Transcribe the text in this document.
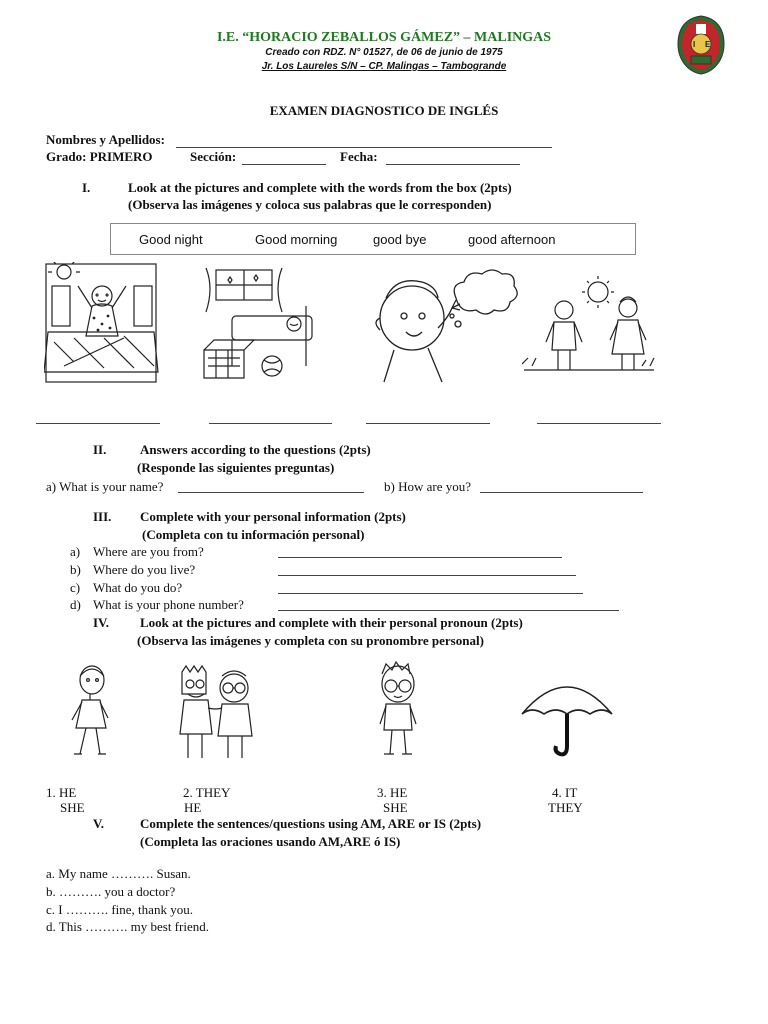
I.E. “HORACIO ZEBALLOS GÁMEZ” – MALINGAS
Creado con RDZ. N° 01527, de 06 de junio de 1975
Jr. Los Laureles S/N – CP. Malingas – Tambogrande
I E
EXAMEN DIAGNOSTICO DE INGLÉS
Nombres y Apellidos:
Grado: PRIMERO	Sección:	Fecha:
I.	Look at the pictures and complete with the words from the box (2pts)
(Observa las imágenes y coloca sus palabras que le corresponden)
Good night	Good morning	good bye	good afternoon
II.	Answers according to the questions (2pts)
(Responde las siguientes preguntas)
a) What is your name?	b) How are you?
III. Complete with your personal information (2pts)
(Completa con tu información personal)
a) Where are you from?
b) Where do you live?
c) What do you do?
d) What is your phone number?
IV. Look at the pictures and complete with their personal pronoun (2pts)
(Observa las imágenes y completa con su pronombre personal)
1. HE
SHE
2. THEY
HE
3. HE
SHE
4. IT
THEY
V.	Complete the sentences/questions using AM, ARE or IS (2pts)
(Completa las oraciones usando AM,ARE ó IS)
a. My name ………. Susan.
b. ………. you a doctor?
c. I ………. fine, thank you.
d. This ………. my best friend.
